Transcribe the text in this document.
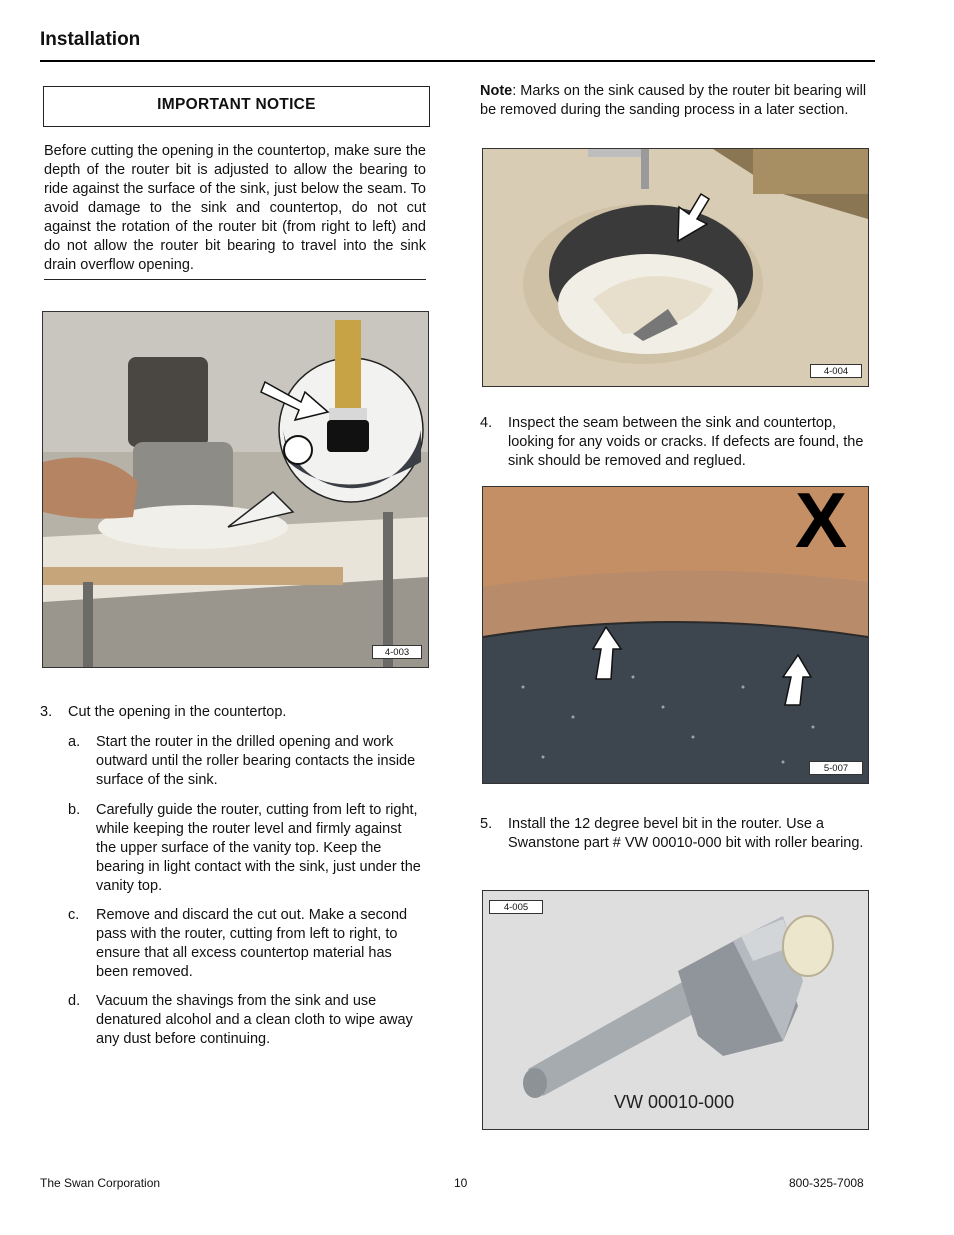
Installation
IMPORTANT NOTICE
Before cutting the opening in the countertop, make sure the depth of the router bit is adjusted to allow the bearing to ride against the surface of the sink, just below the seam. To avoid damage to the sink and countertop, do not cut against the rotation of the router bit (from right to left) and do not allow the router bit bearing to travel into the sink drain overflow opening.
4-003
3. Cut the opening in the countertop.
a. Start the router in the drilled opening and work outward until the roller bearing contacts the inside surface of the sink.
b. Carefully guide the router, cutting from left to right, while keeping the router level and firmly against the upper surface of the vanity top. Keep the bearing in light contact with the sink, just under the vanity top.
c. Remove and discard the cut out. Make a second pass with the router, cutting from left to right, to ensure that all excess countertop material has been removed.
d. Vacuum the shavings from the sink and use denatured alcohol and a clean cloth to wipe away any dust before continuing.
Note: Marks on the sink caused by the router bit bearing will be removed during the sanding process in a later section.
4-004
4. Inspect the seam between the sink and countertop, looking for any voids or cracks. If defects are found, the sink should be removed and reglued.
X
5-007
5. Install the 12 degree bevel bit in the router. Use a Swanstone part # VW 00010-000 bit with roller bearing.
4-005
VW 00010-000
The Swan Corporation	10	800-325-7008
